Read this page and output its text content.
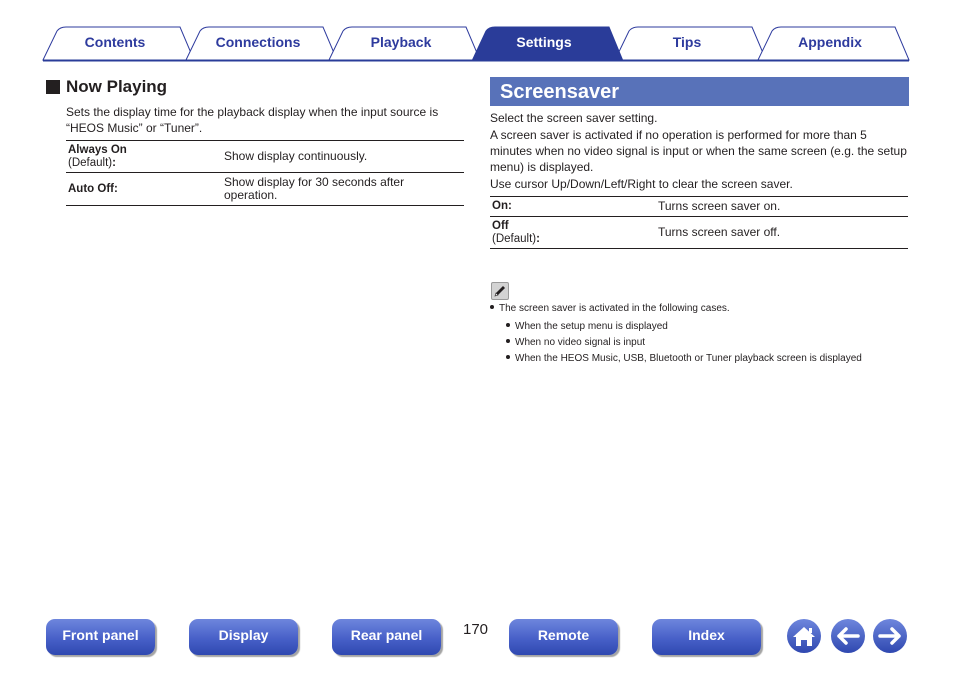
Contents	Connections	Playback	Settings	Tips	Appendix
Now Playing
Sets the display time for the playback display when the input source is “HEOS Music” or “Tuner”.
Always On
(Default):	Show display continuously.

Auto Off:	Show display for 30 seconds after operation.
Screensaver
Select the screen saver setting.
A screen saver is activated if no operation is performed for more than 5 minutes when no video signal is input or when the same screen (e.g. the setup menu) is displayed.
Use cursor Up/Down/Left/Right to clear the screen saver.
On:	Turns screen saver on.

Off
(Default):	Turns screen saver off.
The screen saver is activated in the following cases.
When the setup menu is displayed
When no video signal is input
When the HEOS Music, USB, Bluetooth or Tuner playback screen is displayed
Front panel	Display	Rear panel	170	Remote	Index
